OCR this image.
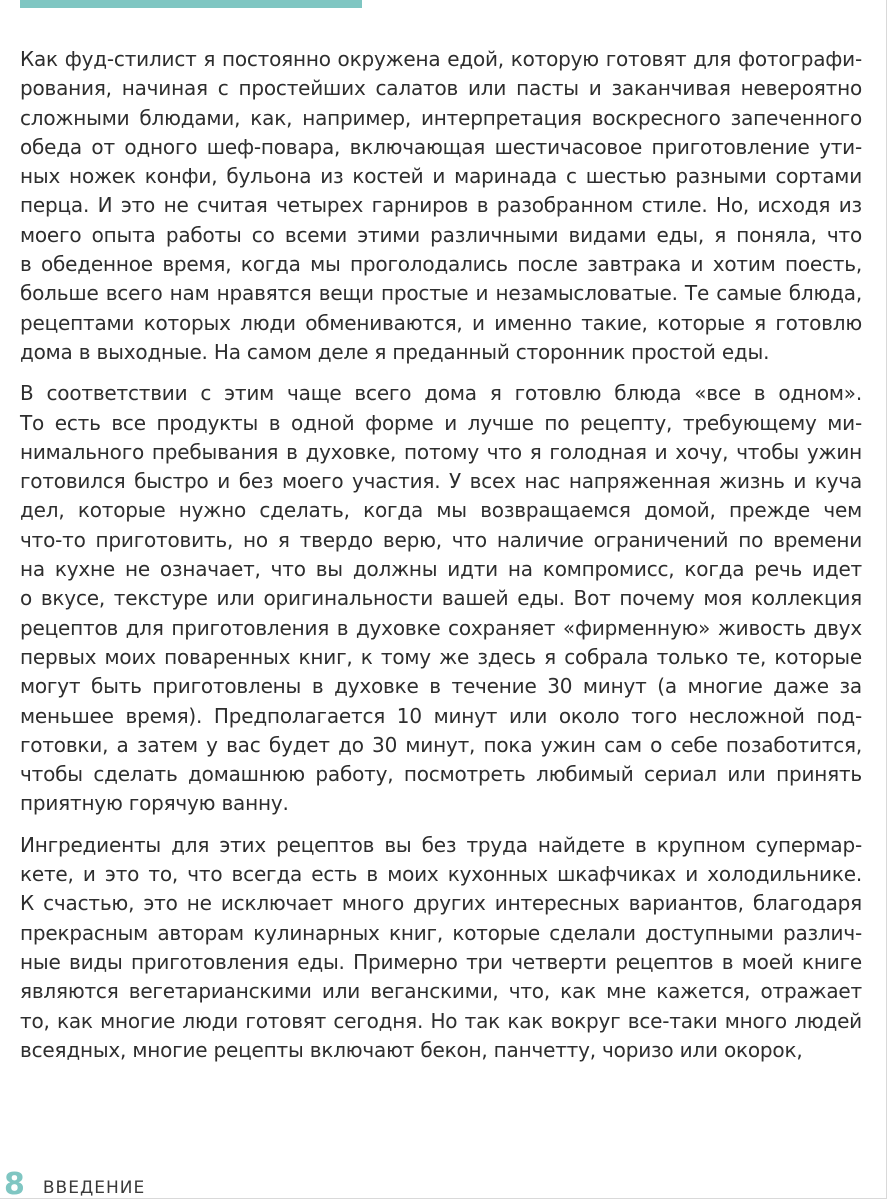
Как фуд-стилист я постоянно окружена едой, которую готовят для фотографи-
рования, начиная с простейших салатов или пасты и заканчивая невероятно
сложными блюдами, как, например, интерпретация воскресного запеченного
обеда от одного шеф-повара, включающая шестичасовое приготовление ути-
ных ножек конфи, бульона из костей и маринада с шестью разными сортами
перца. И это не считая четырех гарниров в разобранном стиле. Но, исходя из
моего опыта работы со всеми этими различными видами еды, я поняла, что
в обеденное время, когда мы проголодались после завтрака и хотим поесть,
больше всего нам нравятся вещи простые и незамысловатые. Те самые блюда,
рецептами которых люди обмениваются, и именно такие, которые я готовлю
дома в выходные. На самом деле я преданный сторонник простой еды.

В соответствии с этим чаще всего дома я готовлю блюда «все в одном».
То есть все продукты в одной форме и лучше по рецепту, требующему ми-
нимального пребывания в духовке, потому что я голодная и хочу, чтобы ужин
готовился быстро и без моего участия. У всех нас напряженная жизнь и куча
дел, которые нужно сделать, когда мы возвращаемся домой, прежде чем
что-то приготовить, но я твердо верю, что наличие ограничений по времени
на кухне не означает, что вы должны идти на компромисс, когда речь идет
о вкусе, текстуре или оригинальности вашей еды. Вот почему моя коллекция
рецептов для приготовления в духовке сохраняет «фирменную» живость двух
первых моих поваренных книг, к тому же здесь я собрала только те, которые
могут быть приготовлены в духовке в течение 30 минут (а многие даже за
меньшее время). Предполагается 10 минут или около того несложной под-
готовки, а затем у вас будет до 30 минут, пока ужин сам о себе позаботится,
чтобы сделать домашнюю работу, посмотреть любимый сериал или принять
приятную горячую ванну.

Ингредиенты для этих рецептов вы без труда найдете в крупном супермар-
кете, и это то, что всегда есть в моих кухонных шкафчиках и холодильнике.
К счастью, это не исключает много других интересных вариантов, благодаря
прекрасным авторам кулинарных книг, которые сделали доступными различ-
ные виды приготовления еды. Примерно три четверти рецептов в моей книге
являются вегетарианскими или веганскими, что, как мне кажется, отражает
то, как многие люди готовят сегодня. Но так как вокруг все-таки много людей
всеядных, многие рецепты включают бекон, панчетту, чоризо или окорок,

8 ВВЕДЕНИЕ
